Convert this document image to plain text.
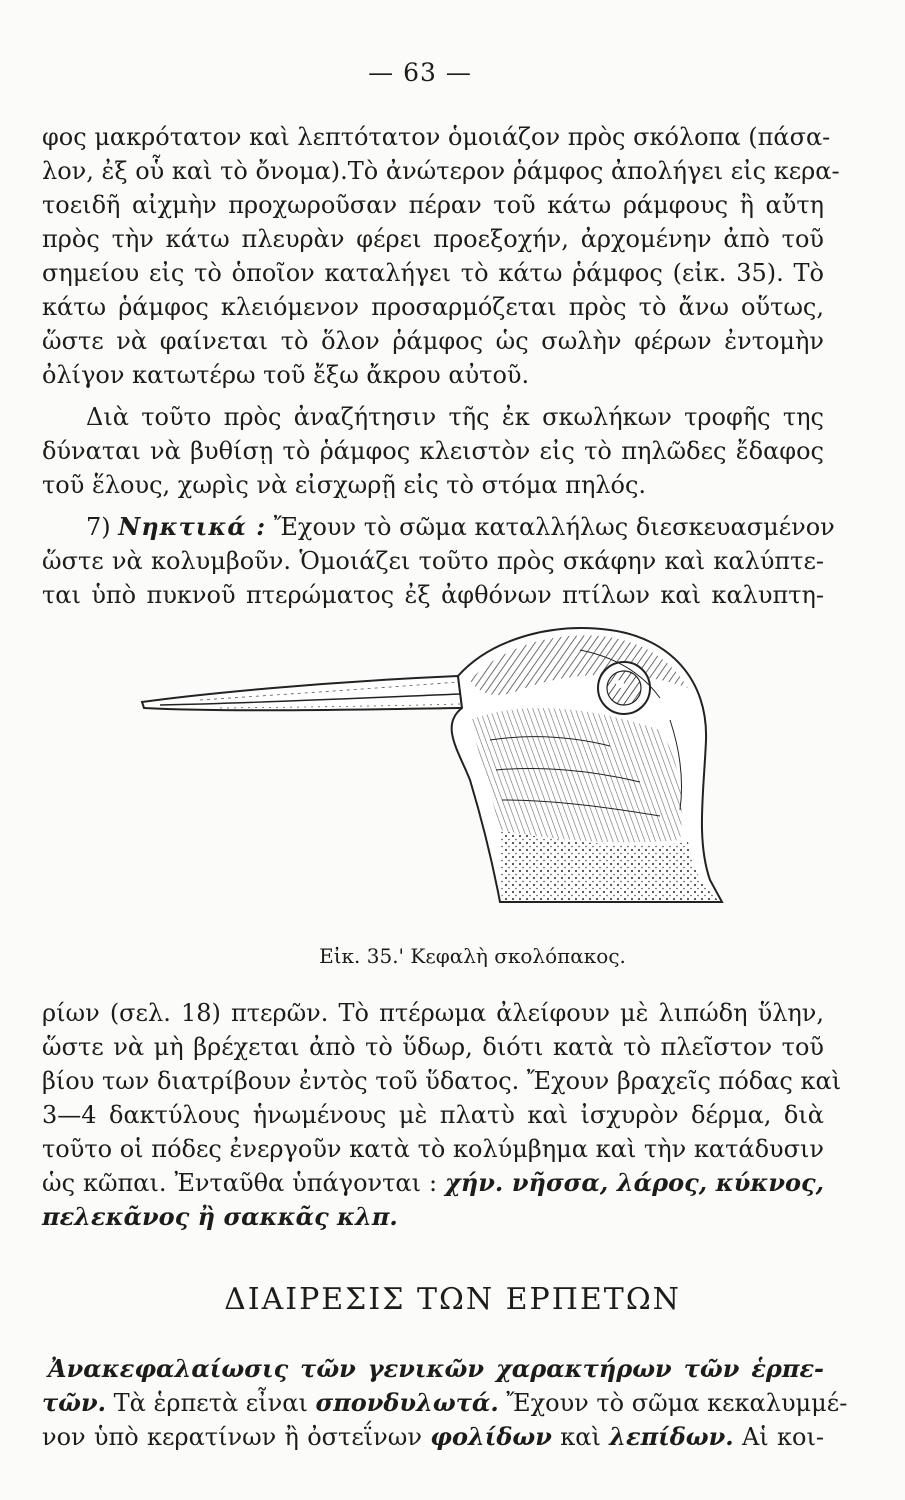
— 63 —
φος μακρότατον καὶ λεπτότατον ὁμοιάζον πρὸς σκόλοπα (πάσα-
λον, ἐξ οὗ καὶ τὸ ὄνομα).Τὸ ἀνώτερον ῥάμφος ἀπολήγει εἰς κερα-
τοειδῆ αἰχμὴν προχωροῦσαν πέραν τοῦ κάτω ράμφους ἢ αὔτη
πρὸς τὴν κάτω πλευρὰν φέρει προεξοχήν, ἀρχομένην ἀπὸ τοῦ
σημείου εἰς τὸ ὁποῖον καταλήγει τὸ κάτω ῥάμφος (εἰκ. 35). Τὸ
κάτω ῥάμφος κλειόμενον προσαρμόζεται πρὸς τὸ ἄνω οὕτως,
ὥστε νὰ φαίνεται τὸ ὅλον ῥάμφος ὡς σωλὴν φέρων ἐντομὴν
ὀλίγον κατωτέρω τοῦ ἔξω ἄκρου αὐτοῦ.
Διὰ τοῦτο πρὸς ἀναζήτησιν τῆς ἐκ σκωλήκων τροφῆς της
δύναται νὰ βυθίσῃ τὸ ῥάμφος κλειστὸν εἰς τὸ πηλῶδες ἔδαφος
τοῦ ἕλους, χωρὶς νὰ εἰσχωρῇ εἰς τὸ στόμα πηλός.
7) Νηκτικά : Ἔχουν τὸ σῶμα καταλλήλως διεσκευασμένον
ὥστε νὰ κολυμβοῦν. Ὁμοιάζει τοῦτο πρὸς σκάφην καὶ καλύπτε-
ται ὑπὸ πυκνοῦ πτερώματος ἐξ ἀφθόνων πτίλων καὶ καλυπτη-
Εἰκ. 35.' Κεφαλὴ σκολόπακος.
ρίων (σελ. 18) πτερῶν. Τὸ πτέρωμα ἀλείφουν μὲ λιπώδη ὕλην,
ὥστε νὰ μὴ βρέχεται ἀπὸ τὸ ὕδωρ, διότι κατὰ τὸ πλεῖστον τοῦ
βίου των διατρίβουν ἐντὸς τοῦ ὕδατος. Ἔχουν βραχεῖς πόδας καὶ
3—4 δακτύλους ἡνωμένους μὲ πλατὺ καὶ ἰσχυρὸν δέρμα, διὰ
τοῦτο οἱ πόδες ἐνεργοῦν κατὰ τὸ κολύμβημα καὶ τὴν κατάδυσιν
ὡς κῶπαι. Ἐνταῦθα ὑπάγονται : χήν. νῆσσα, λάρος, κύκνος,
πελεκᾶνος ἢ σακκᾶς κλπ.
ΔΙΑΙΡΕΣΙΣ ΤΩΝ ΕΡΠΕΤΩΝ
Ἀνακεφαλαίωσις τῶν γενικῶν χαρακτήρων τῶν ἑρπε-
τῶν. Τὰ ἑρπετὰ εἶναι σπονδυλωτά. Ἔχουν τὸ σῶμα κεκαλυμμέ-
νον ὑπὸ κερατίνων ἢ ὀστεΐνων φολίδων καὶ λεπίδων. Αἱ κοι-
